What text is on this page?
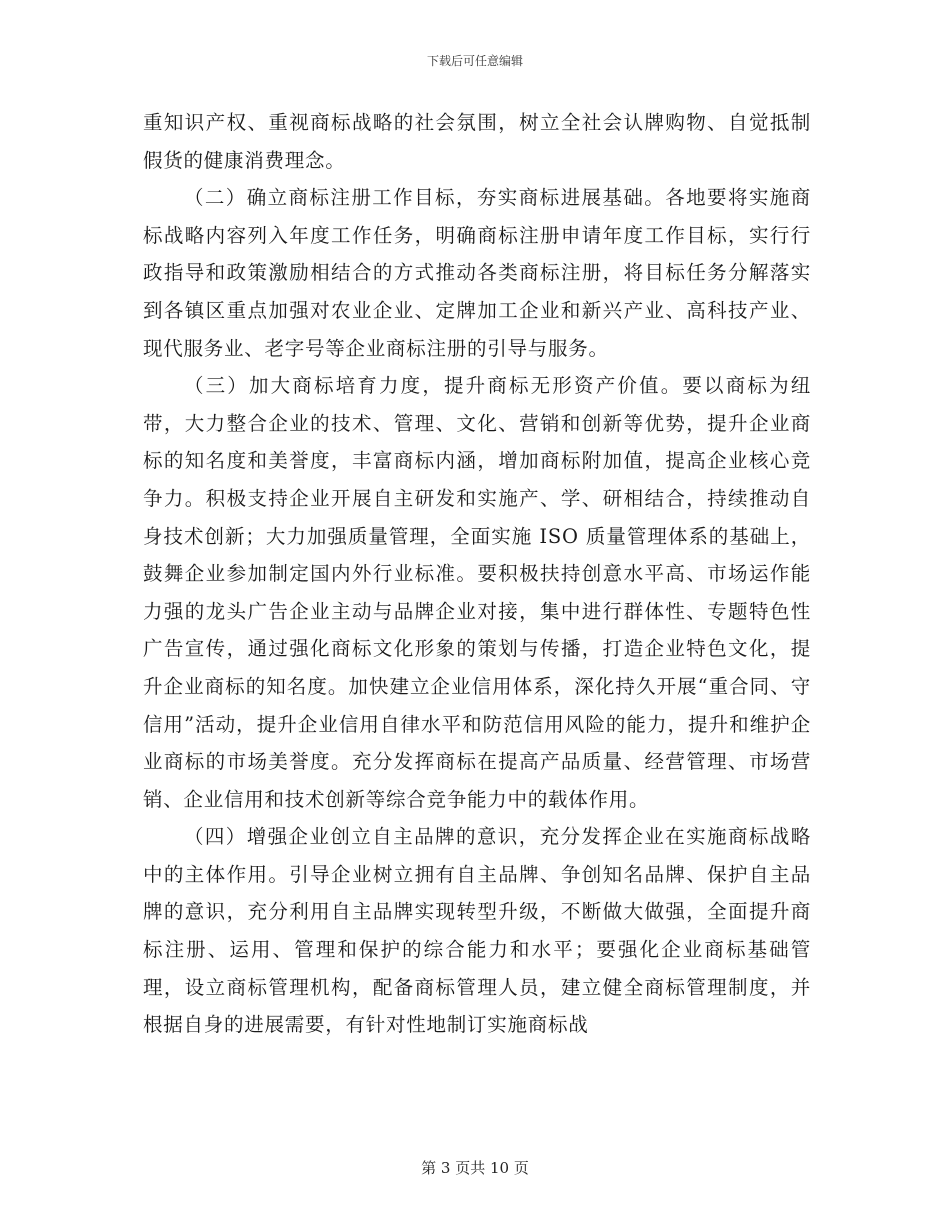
下载后可任意编辑

重知识产权、重视商标战略的社会氛围，树立全社会认牌购物、自觉抵制假货的健康消费理念。

（二）确立商标注册工作目标，夯实商标进展基础。各地要将实施商标战略内容列入年度工作任务，明确商标注册申请年度工作目标，实行行政指导和政策激励相结合的方式推动各类商标注册，将目标任务分解落实到各镇区重点加强对农业企业、定牌加工企业和新兴产业、高科技产业、现代服务业、老字号等企业商标注册的引导与服务。

（三）加大商标培育力度，提升商标无形资产价值。要以商标为纽带，大力整合企业的技术、管理、文化、营销和创新等优势，提升企业商标的知名度和美誉度，丰富商标内涵，增加商标附加值，提高企业核心竞争力。积极支持企业开展自主研发和实施产、学、研相结合，持续推动自身技术创新；大力加强质量管理，全面实施 ISO 质量管理体系的基础上，鼓舞企业参加制定国内外行业标准。要积极扶持创意水平高、市场运作能力强的龙头广告企业主动与品牌企业对接，集中进行群体性、专题特色性广告宣传，通过强化商标文化形象的策划与传播，打造企业特色文化，提升企业商标的知名度。加快建立企业信用体系，深化持久开展“重合同、守信用”活动，提升企业信用自律水平和防范信用风险的能力，提升和维护企业商标的市场美誉度。充分发挥商标在提高产品质量、经营管理、市场营销、企业信用和技术创新等综合竞争能力中的载体作用。

（四）增强企业创立自主品牌的意识，充分发挥企业在实施商标战略中的主体作用。引导企业树立拥有自主品牌、争创知名品牌、保护自主品牌的意识，充分利用自主品牌实现转型升级，不断做大做强，全面提升商标注册、运用、管理和保护的综合能力和水平；要强化企业商标基础管理，设立商标管理机构，配备商标管理人员，建立健全商标管理制度，并根据自身的进展需要，有针对性地制订实施商标战

第 3 页共 10 页
